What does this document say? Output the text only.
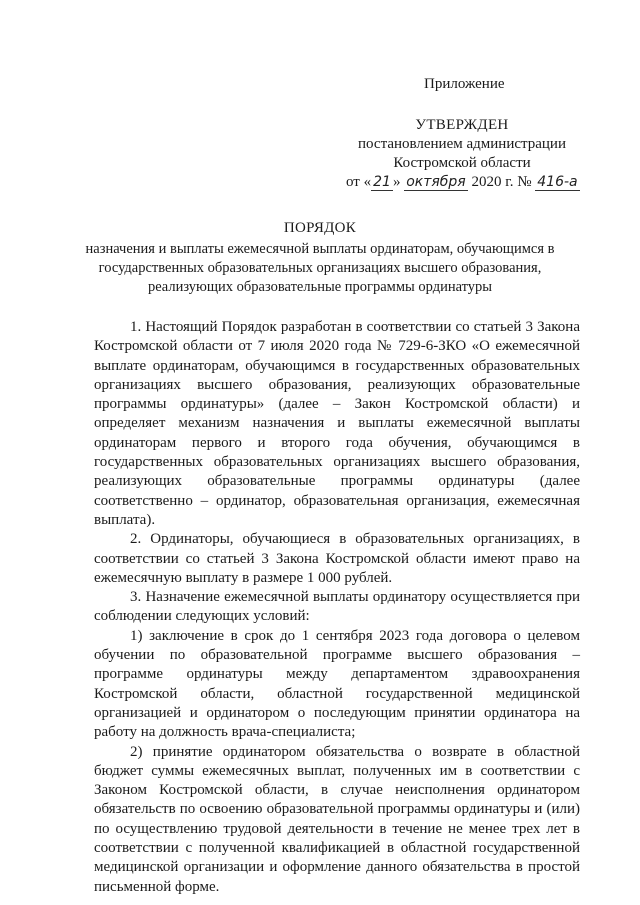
Приложение
УТВЕРЖДЕН
постановлением администрации
Костромской области
от « 21 » октября 2020 г. № 416-а
ПОРЯДОК
назначения и выплаты ежемесячной выплаты ординаторам, обучающимся в государственных образовательных организациях высшего образования, реализующих образовательные программы ординатуры

1. Настоящий Порядок разработан в соответствии со статьей 3 Закона Костромской области от 7 июля 2020 года № 729-6-ЗКО «О ежемесячной выплате ординаторам, обучающимся в государственных образовательных организациях высшего образования, реализующих образовательные программы ординатуры» (далее – Закон Костромской области) и определяет механизм назначения и выплаты ежемесячной выплаты ординаторам первого и второго года обучения, обучающимся в государственных образовательных организациях высшего образования, реализующих образовательные программы ординатуры (далее соответственно – ординатор, образовательная организация, ежемесячная выплата).

2. Ординаторы, обучающиеся в образовательных организациях, в соответствии со статьей 3 Закона Костромской области имеют право на ежемесячную выплату в размере 1 000 рублей.

3. Назначение ежемесячной выплаты ординатору осуществляется при соблюдении следующих условий:

1) заключение в срок до 1 сентября 2023 года договора о целевом обучении по образовательной программе высшего образования – программе ординатуры между департаментом здравоохранения Костромской области, областной государственной медицинской организацией и ординатором о последующим принятии ординатора на работу на должность врача-специалиста;

2) принятие ординатором обязательства о возврате в областной бюджет суммы ежемесячных выплат, полученных им в соответствии с Законом Костромской области, в случае неисполнения ординатором обязательств по освоению образовательной программы ординатуры и (или) по осуществлению трудовой деятельности в течение не менее трех лет в соответствии с полученной квалификацией в областной государственной медицинской организации и оформление данного обязательства в простой письменной форме.
